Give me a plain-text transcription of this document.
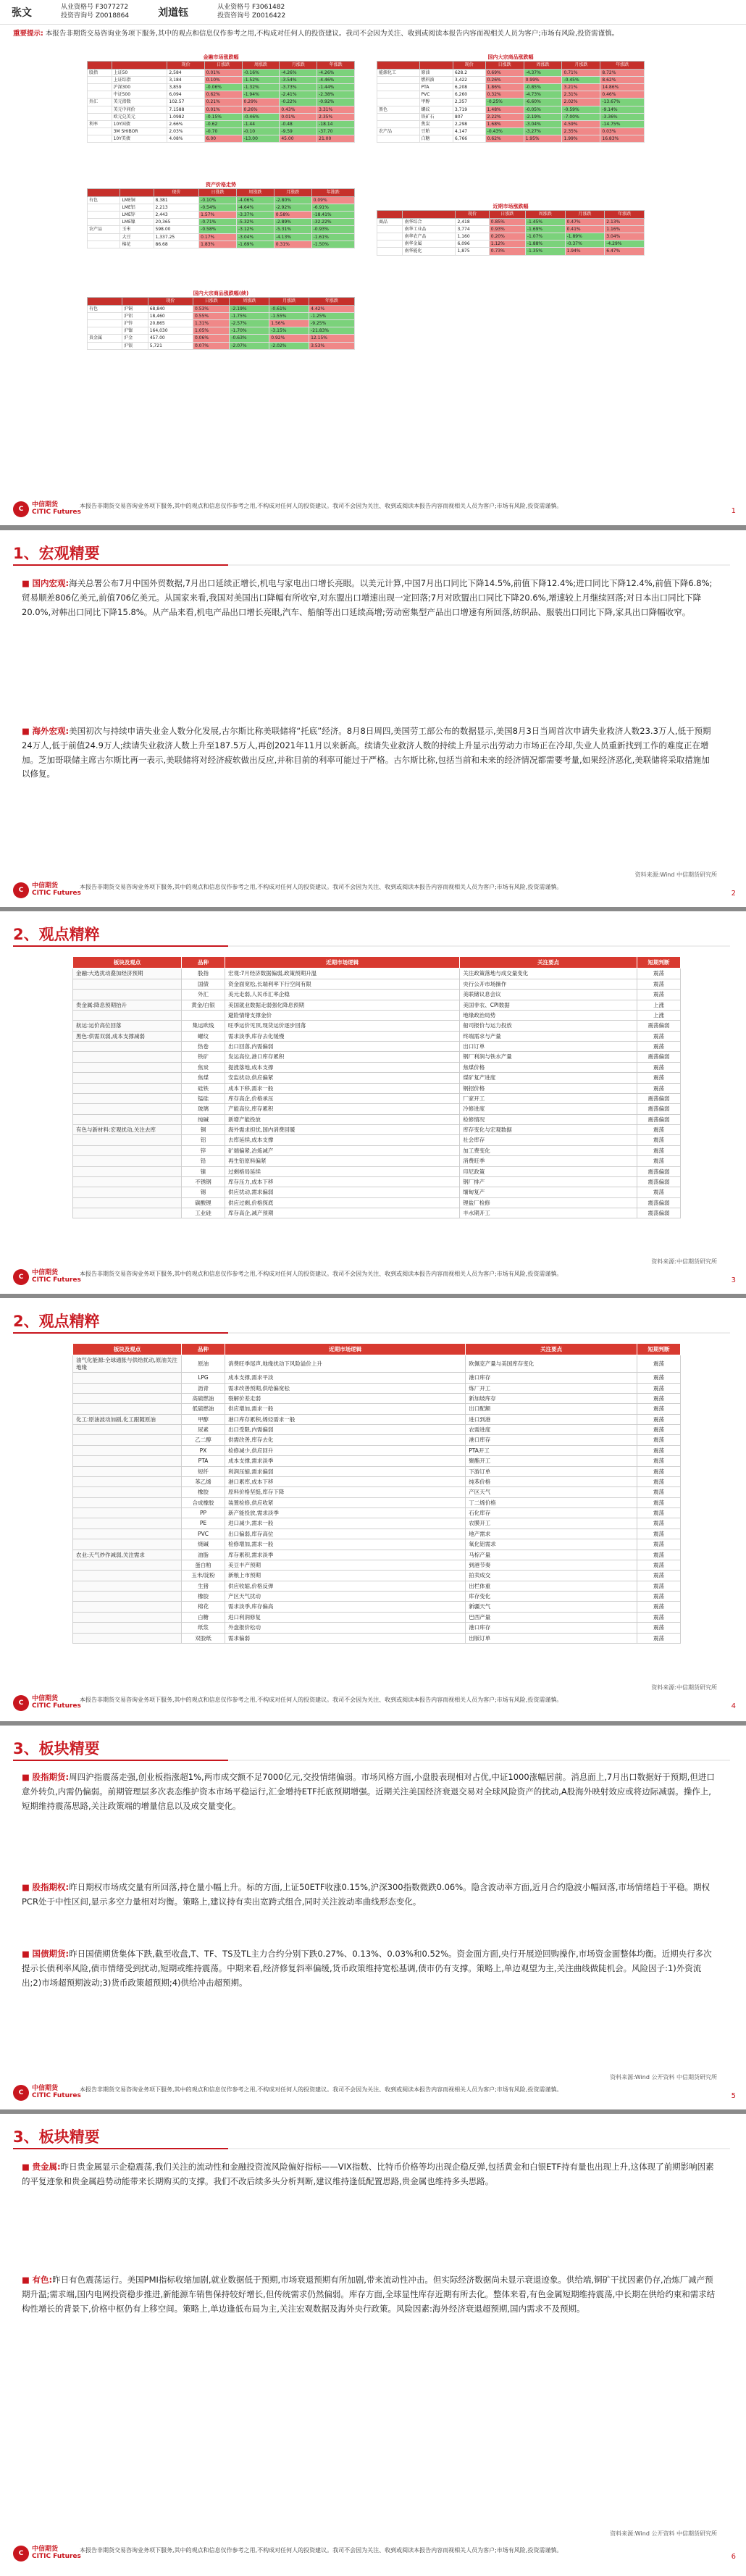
张文	从业资格号 F3077272
投资咨询号 Z0018864	刘道钰	从业资格号 F3061482
投资咨询号 Z0016422
重要提示: 本报告非期货交易咨询业务项下服务,其中的观点和信息仅作参考之用,不构成对任何人的投资建议。我司不会因为关注、收到或阅读本报告内容而视相关人员为客户;市场有风险,投资需谨慎。
金融市场涨跌幅
		现价	日涨跌	周涨跌	月涨跌	年涨跌
股指	上证50	2,584	0.01%	-0.16%	-4.26%	-4.26%
	上证综指	3,184	0.10%	-1.52%	-3.54%	-4.46%
	沪深300	3,859	-0.06%	-1.32%	-3.73%	-1.44%
	中证500	6,094	0.62%	-1.94%	-2.41%	-2.38%
外汇	美元指数	102.57	0.21%	0.29%	-0.22%	-0.92%
	美元中间价	7.1588	0.01%	0.26%	0.43%	3.31%
	欧元兑美元	1.0982	-0.15%	-0.46%	0.01%	2.35%
利率	10Y国债	2.66%	-0.62	-1.44	-0.48	-18.14
	3M SHIBOR	2.03%	-0.70	-0.10	-9.59	-37.70
	10Y美债	4.08%	6.00	-13.00	45.00	21.00
资产价格走势
		现价	日涨跌	周涨跌	月涨跌	年涨跌
有色	LME铜	8,381	-0.10%	-4.06%	-2.80%	0.09%
	LME铝	2,213	-0.54%	-4.64%	-2.92%	-6.91%
	LME锌	2,443	1.57%	-3.37%	0.58%	-18.41%
	LME镍	20,365	-0.71%	-5.32%	-2.89%	-32.22%
农产品	玉米	598.00	-0.58%	-3.12%	-5.31%	-0.93%
	大豆	1,337.25	0.17%	-3.04%	-4.13%	-1.61%
	棉花	86.68	1.83%	-1.69%	0.31%	-1.50%
国内大宗商品涨跌幅
		现价	日涨跌	周涨跌	月涨跌	年涨跌
能源化工	原油	628.2	0.69%	-4.37%	0.71%	8.72%
	燃料油	3,422	0.26%	0.99%	-0.45%	8.62%
	PTA	6,208	1.86%	-0.85%	3.21%	14.86%
	PVC	6,260	0.32%	-4.73%	2.31%	0.46%
	甲醇	2,357	-0.25%	-6.60%	2.02%	-13.67%
黑色	螺纹	3,719	1.48%	-0.05%	-0.59%	-9.14%
	铁矿石	807	2.22%	-2.19%	-7.00%	-3.36%
	焦炭	2,298	1.68%	-3.04%	4.59%	-14.75%
农产品	豆粕	4,147	-0.43%	-3.27%	2.35%	0.03%
	白糖	6,766	0.62%	1.95%	1.99%	16.83%
国内大宗商品涨跌幅(续)
		现价	日涨跌	周涨跌	月涨跌	年涨跌
有色	沪铜	68,840	0.53%	-2.19%	-0.61%	4.42%
	沪铝	18,460	0.55%	-1.75%	-1.55%	-1.25%
	沪锌	20,865	1.31%	-2.57%	1.56%	-9.25%
	沪镍	164,030	1.05%	-1.70%	-3.15%	-21.83%
贵金属	沪金	457.00	0.06%	-0.63%	0.92%	12.15%
	沪银	5,721	0.07%	-2.07%	-2.02%	3.53%
近期市场涨跌幅
		现价	日涨跌	周涨跌	月涨跌	年涨跌
商品	南华综合	2,418	0.85%	-1.45%	0.47%	2.13%
	南华工业品	3,774	0.93%	-1.69%	0.41%	1.16%
	南华农产品	1,160	0.20%	-1.07%	-1.89%	3.04%
	南华金属	6,096	1.12%	-1.88%	-0.37%	-4.29%
	南华能化	1,875	0.73%	-1.35%	1.94%	6.47%
C
中信期货
CITIC Futures
本报告非期货交易咨询业务项下服务,其中的观点和信息仅作参考之用,不构成对任何人的投资建议。我司不会因为关注、收到或阅读本报告内容而视相关人员为客户;市场有风险,投资需谨慎。
1
1、宏观精要
■ 国内宏观:海关总署公布7月中国外贸数据,7月出口延续正增长,机电与家电出口增长亮眼。以美元计算,中国7月出口同比下降14.5%,前值下降12.4%;进口同比下降12.4%,前值下降6.8%;贸易顺差806亿美元,前值706亿美元。从国家来看,我国对美国出口降幅有所收窄,对东盟出口增速出现一定回落;7月对欧盟出口同比下降20.6%,增速较上月继续回落;对日本出口同比下降20.0%,对韩出口同比下降15.8%。从产品来看,机电产品出口增长亮眼,汽车、船舶等出口延续高增;劳动密集型产品出口增速有所回落,纺织品、服装出口同比下降,家具出口降幅收窄。
■ 海外宏观:美国初次与持续申请失业金人数分化发展,古尔斯比称美联储将“托底”经济。8月8日周四,美国劳工部公布的数据显示,美国8月3日当周首次申请失业救济人数23.3万人,低于预期24万人,低于前值24.9万人;续请失业救济人数上升至187.5万人,再创2021年11月以来新高。续请失业救济人数的持续上升显示出劳动力市场正在冷却,失业人员重新找到工作的难度正在增加。芝加哥联储主席古尔斯比再一表示,美联储将对经济疲软做出反应,并称目前的利率可能过于严格。古尔斯比称,包括当前和未来的经济情况都需要考量,如果经济恶化,美联储将采取措施加以修复。
资料来源:Wind 中信期货研究所
C
中信期货
CITIC Futures
本报告非期货交易咨询业务项下服务,其中的观点和信息仅作参考之用,不构成对任何人的投资建议。我司不会因为关注、收到或阅读本报告内容而视相关人员为客户;市场有风险,投资需谨慎。
2
2、观点精粹
板块及观点	品种	近期市场逻辑	关注要点	短期判断
金融:大选扰动叠加经济预期	股指	宏观:7月经济数据偏弱,政策预期升温	关注政策落地与成交量变化	震荡
	国债	资金面宽松,长端利率下行空间有限	央行公开市场操作	震荡
	外汇	美元走弱,人民币汇率企稳	美联储议息会议	震荡
贵金属:降息预期抬升	黄金/白银	美国就业数据走弱强化降息预期	美国非农、CPI数据	上涨
		避险情绪支撑金价	地缘政治局势	上涨
航运:运价高位回落	集运欧线	旺季运价见顶,现货运价逐步回落	船司报价与运力投放	震荡偏弱
黑色:供需双弱,成本支撑减弱	螺纹	需求淡季,库存去化缓慢	终端需求与产量	震荡
	热卷	出口回落,内需偏弱	出口订单	震荡
	铁矿	发运高位,港口库存累积	钢厂利润与铁水产量	震荡偏弱
	焦炭	提涨落地,成本支撑	焦煤价格	震荡
	焦煤	安监扰动,供应偏紧	煤矿复产进度	震荡
	硅铁	成本下移,需求一般	钢招价格	震荡
	锰硅	库存高企,价格承压	厂家开工	震荡偏弱
	玻璃	产能高位,库存累积	冷修进度	震荡偏弱
	纯碱	新增产能投放	检修情况	震荡偏弱
有色与新材料:宏观扰动,关注去库	铜	海外需求担忧,国内消费回暖	库存变化与宏观数据	震荡
	铝	去库延续,成本支撑	社会库存	震荡
	锌	矿端偏紧,冶炼减产	加工费变化	震荡
	铅	再生铅原料偏紧	消费旺季	震荡
	镍	过剩格局延续	印尼政策	震荡偏弱
	不锈钢	库存压力,成本下移	钢厂排产	震荡偏弱
	锡	供应扰动,需求偏弱	缅甸复产	震荡
	碳酸锂	供应过剩,价格探底	锂盐厂检修	震荡偏弱
	工业硅	库存高企,减产预期	丰水期开工	震荡偏弱
资料来源:中信期货研究所
C
中信期货
CITIC Futures
本报告非期货交易咨询业务项下服务,其中的观点和信息仅作参考之用,不构成对任何人的投资建议。我司不会因为关注、收到或阅读本报告内容而视相关人员为客户;市场有风险,投资需谨慎。
3
2、观点精粹
板块及观点	品种	近期市场逻辑	关注要点	短期判断
油气化能源:全球通胀与供给扰动,原油关注地缘	原油	消费旺季尾声,地缘扰动下风险溢价上升	欧佩克产量与美国库存变化	震荡
	LPG	成本支撑,需求平淡	港口库存	震荡
	沥青	需求改善预期,供给偏宽松	炼厂开工	震荡
	高硫燃油	裂解价差走弱	新加坡库存	震荡
	低硫燃油	供应增加,需求一般	出口配额	震荡
化工:原油波动加剧,化工跟随原油	甲醇	港口库存累积,烯烃需求一般	进口到港	震荡
	尿素	出口受限,内需偏弱	农需进度	震荡
	乙二醇	供需改善,库存去化	港口库存	震荡
	PX	检修减少,供应回升	PTA开工	震荡
	PTA	成本支撑,需求淡季	聚酯开工	震荡
	短纤	利润压缩,需求偏弱	下游订单	震荡
	苯乙烯	港口累库,成本下移	纯苯价格	震荡
	橡胶	原料价格坚挺,库存下降	产区天气	震荡
	合成橡胶	装置检修,供应收紧	丁二烯价格	震荡
	PP	新产能投放,需求淡季	石化库存	震荡
	PE	进口减少,需求一般	农膜开工	震荡
	PVC	出口偏弱,库存高位	地产需求	震荡
	烧碱	检修增加,需求一般	氧化铝需求	震荡
农业:天气炒作减弱,关注需求	油脂	库存累积,需求淡季	马棕产量	震荡
	蛋白粕	美豆丰产预期	到港节奏	震荡
	玉米/淀粉	新粮上市预期	拍卖成交	震荡
	生猪	供应收缩,价格反弹	出栏体重	震荡
	橡胶	产区天气扰动	库存变化	震荡
	棉花	需求淡季,库存偏高	新疆天气	震荡
	白糖	进口利润修复	巴西产量	震荡
	纸浆	外盘报价松动	港口库存	震荡
	双胶纸	需求偏弱	出版订单	震荡
资料来源:中信期货研究所
C
中信期货
CITIC Futures
本报告非期货交易咨询业务项下服务,其中的观点和信息仅作参考之用,不构成对任何人的投资建议。我司不会因为关注、收到或阅读本报告内容而视相关人员为客户;市场有风险,投资需谨慎。
4
3、板块精要
■ 股指期货:周四沪指震荡走强,创业板指涨超1%,两市成交额不足7000亿元,交投情绪偏弱。市场风格方面,小盘股表现相对占优,中证1000涨幅居前。消息面上,7月出口数据好于预期,但进口意外转负,内需仍偏弱。前期管理层多次表态维护资本市场平稳运行,汇金增持ETF托底预期增强。近期关注美国经济衰退交易对全球风险资产的扰动,A股海外映射效应或将边际减弱。操作上,短期维持震荡思路,关注政策端的增量信息以及成交量变化。
■ 股指期权:昨日期权市场成交量有所回落,持仓量小幅上升。标的方面,上证50ETF收涨0.15%,沪深300指数微跌0.06%。隐含波动率方面,近月合约隐波小幅回落,市场情绪趋于平稳。期权PCR处于中性区间,显示多空力量相对均衡。策略上,建议持有卖出宽跨式组合,同时关注波动率曲线形态变化。
■ 国债期货:昨日国债期货集体下跌,截至收盘,T、TF、TS及TL主力合约分别下跌0.27%、0.13%、0.03%和0.52%。资金面方面,央行开展逆回购操作,市场资金面整体均衡。近期央行多次提示长债利率风险,债市情绪受到扰动,短期或维持震荡。中期来看,经济修复斜率偏缓,货币政策维持宽松基调,债市仍有支撑。策略上,单边观望为主,关注曲线做陡机会。风险因子:1)外资流出;2)市场超预期波动;3)货币政策超预期;4)供给冲击超预期。
资料来源:Wind 公开资料 中信期货研究所
C
中信期货
CITIC Futures
本报告非期货交易咨询业务项下服务,其中的观点和信息仅作参考之用,不构成对任何人的投资建议。我司不会因为关注、收到或阅读本报告内容而视相关人员为客户;市场有风险,投资需谨慎。
5
3、板块精要
■ 贵金属:昨日贵金属显示企稳震荡,我们关注的流动性和金融投资流风险偏好指标——VIX指数、比特币价格等均出现企稳反弹,包括黄金和白银ETF持有量也出现上升,这体现了前期影响因素的平复迹象和贵金属趋势动能带来长期购买的支撑。我们不改后续多头分析判断,建议维持逢低配置思路,贵金属也维持多头思路。
■ 有色:昨日有色震荡运行。美国PMI指标收缩加剧,就业数据低于预期,市场衰退预期有所加剧,带来流动性冲击。但实际经济数据尚未显示衰退迹象。供给端,铜矿干扰因素仍存,冶炼厂减产预期升温;需求端,国内电网投资稳步推进,新能源车销售保持较好增长,但传统需求仍然偏弱。库存方面,全球显性库存近期有所去化。整体来看,有色金属短期维持震荡,中长期在供给约束和需求结构性增长的背景下,价格中枢仍有上移空间。策略上,单边逢低布局为主,关注宏观数据及海外央行政策。风险因素:海外经济衰退超预期,国内需求不及预期。
资料来源:Wind 公开资料 中信期货研究所
C
中信期货
CITIC Futures
本报告非期货交易咨询业务项下服务,其中的观点和信息仅作参考之用,不构成对任何人的投资建议。我司不会因为关注、收到或阅读本报告内容而视相关人员为客户;市场有风险,投资需谨慎。
6
